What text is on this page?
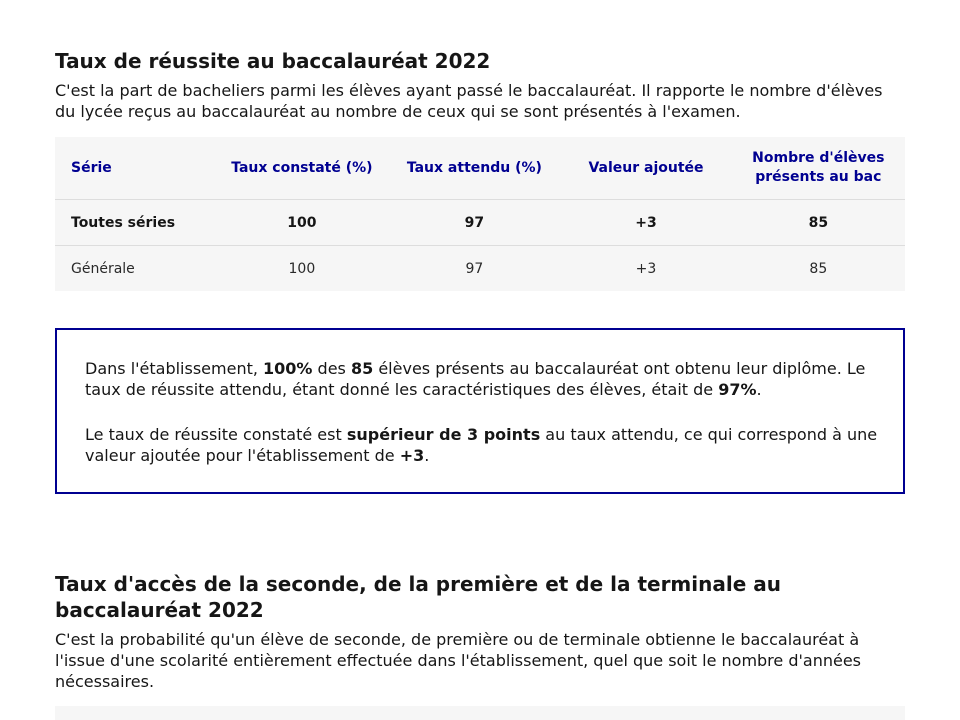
Taux de réussite au baccalauréat 2022

C'est la part de bacheliers parmi les élèves ayant passé le baccalauréat. Il rapporte le nombre d'élèves du lycée reçus au baccalauréat au nombre de ceux qui se sont présentés à l'examen.

Série	Taux constaté (%)	Taux attendu (%)	Valeur ajoutée	Nombre d'élèves présents au bac
Toutes séries	100	97	+3	85
Générale	100	97	+3	85

Dans l'établissement, 100% des 85 élèves présents au baccalauréat ont obtenu leur diplôme. Le taux de réussite attendu, étant donné les caractéristiques des élèves, était de 97%.

Le taux de réussite constaté est supérieur de 3 points au taux attendu, ce qui correspond à une valeur ajoutée pour l'établissement de +3.

Taux d'accès de la seconde, de la première et de la terminale au baccalauréat 2022

C'est la probabilité qu'un élève de seconde, de première ou de terminale obtienne le baccalauréat à l'issue d'une scolarité entièrement effectuée dans l'établissement, quel que soit le nombre d'années nécessaires.
